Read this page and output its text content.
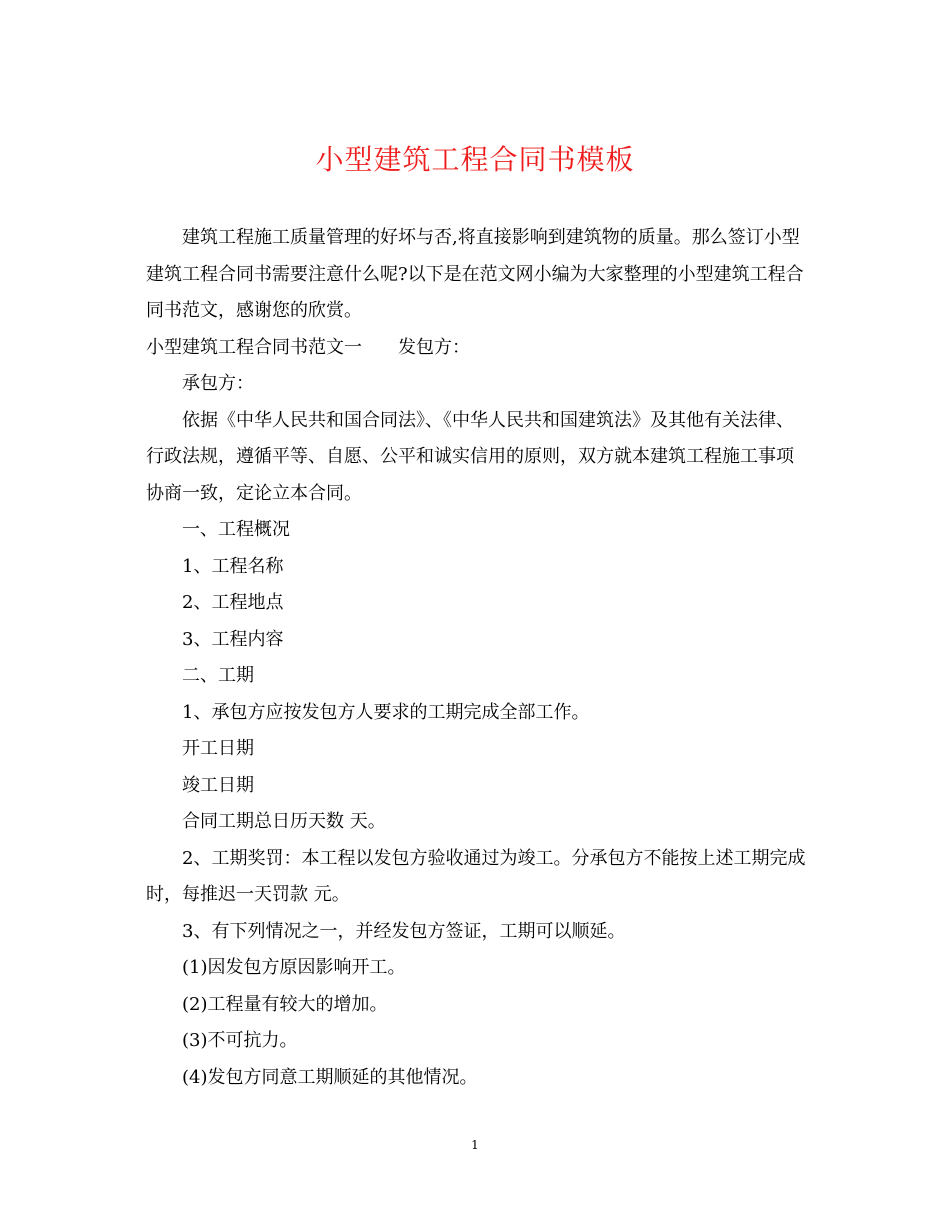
小型建筑工程合同书模板

建筑工程施工质量管理的好坏与否,将直接影响到建筑物的质量。那么签订小型建筑工程合同书需要注意什么呢?以下是在范文网小编为大家整理的小型建筑工程合同书范文，感谢您的欣赏。

小型建筑工程合同书范文一 发包方：

承包方：

依据《中华人民共和国合同法》、《中华人民共和国建筑法》及其他有关法律、行政法规，遵循平等、自愿、公平和诚实信用的原则，双方就本建筑工程施工事项协商一致，定论立本合同。

一、工程概况

1、工程名称

2、工程地点

3、工程内容

二、工期

1、承包方应按发包方人要求的工期完成全部工作。

开工日期

竣工日期

合同工期总日历天数 天。

2、工期奖罚：本工程以发包方验收通过为竣工。分承包方不能按上述工期完成时，每推迟一天罚款 元。

3、有下列情况之一，并经发包方签证，工期可以顺延。

(1)因发包方原因影响开工。

(2)工程量有较大的增加。

(3)不可抗力。

(4)发包方同意工期顺延的其他情况。

1
